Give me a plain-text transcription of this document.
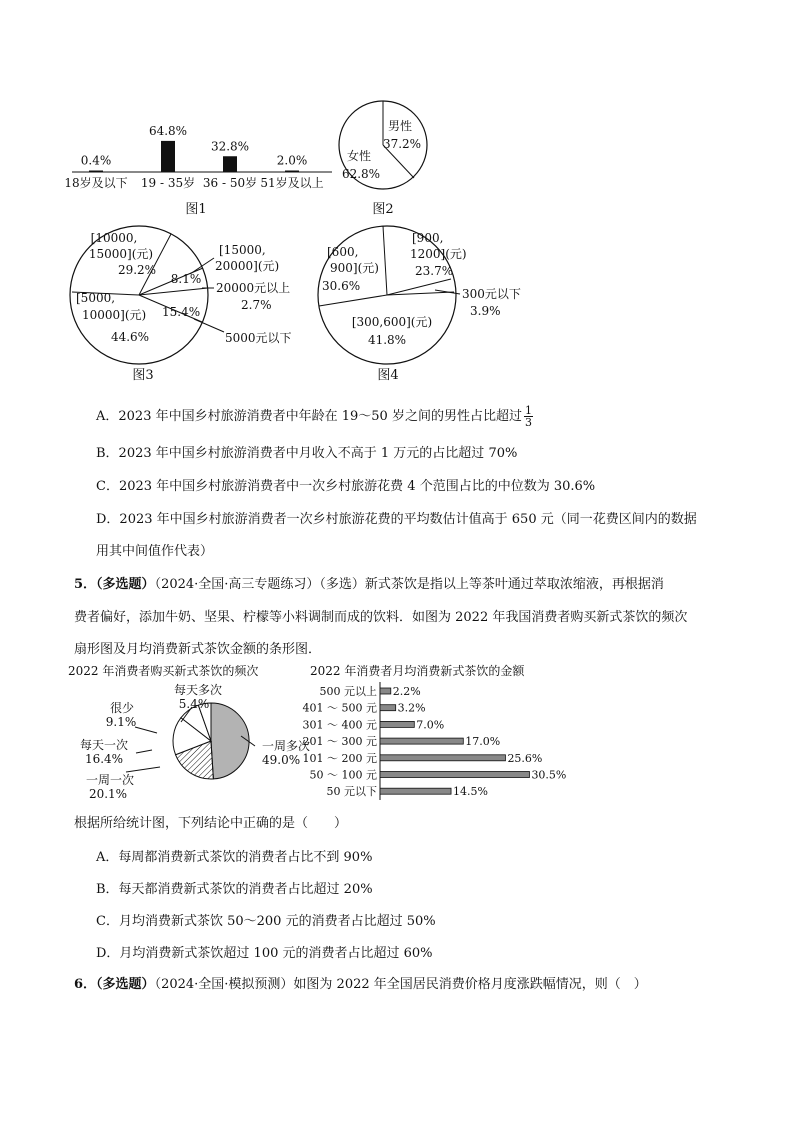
0.4%
18岁及以下
64.8%
19 - 35岁
32.8%
36 - 50岁
2.0%
51岁及以上
图1
男性
37.2%
女性
62.8%
图2
[10000,
15000](元)
29.2%
8.1%
[15000,
20000](元)
20000元以上
2.7%
[5000,
10000](元)
44.6%
15.4%
5000元以下
图3
[600,
900](元)
30.6%
[900,
1200](元)
23.7%
300元以下
3.9%
[300,600](元)
41.8%
图4
A．2023 年中国乡村旅游消费者中年龄在 19～50 岁之间的男性占比超过 $\frac{1}{3}$
B．2023 年中国乡村旅游消费者中月收入不高于 1 万元的占比超过 70%
C．2023 年中国乡村旅游消费者中一次乡村旅游花费 4 个范围占比的中位数为 30.6%
D．2023 年中国乡村旅游消费者一次乡村旅游花费的平均数估计值高于 650 元（同一花费区间内的数据
用其中间值作代表）
5．（多选题）（2024·全国·高三专题练习）（多选）新式茶饮是指以上等茶叶通过萃取浓缩液，再根据消
费者偏好，添加牛奶、坚果、柠檬等小料调制而成的饮料．如图为 2022 年我国消费者购买新式茶饮的频次
扇形图及月均消费新式茶饮金额的条形图．
2022 年消费者购买新式茶饮的频次
每天多次
5.4%
很少
9.1%
每天一次
16.4%
一周一次
20.1%
一周多次
49.0%
2022 年消费者月均消费新式茶饮的金额
500 元以上 2.2%
401 ～ 500 元 3.2%
301 ～ 400 元	7.0%
201 ～ 300 元	17.0%
101 ～ 200 元	25.6%
50 ～ 100 元	30.5%
50 元以下	14.5%
根据所给统计图，下列结论中正确的是（　　）
A．每周都消费新式茶饮的消费者占比不到 90%
B．每天都消费新式茶饮的消费者占比超过 20%
C．月均消费新式茶饮 50～200 元的消费者占比超过 50%
D．月均消费新式茶饮超过 100 元的消费者占比超过 60%
6．（多选题）（2024·全国·模拟预测）如图为 2022 年全国居民消费价格月度涨跌幅情况，则（　）
